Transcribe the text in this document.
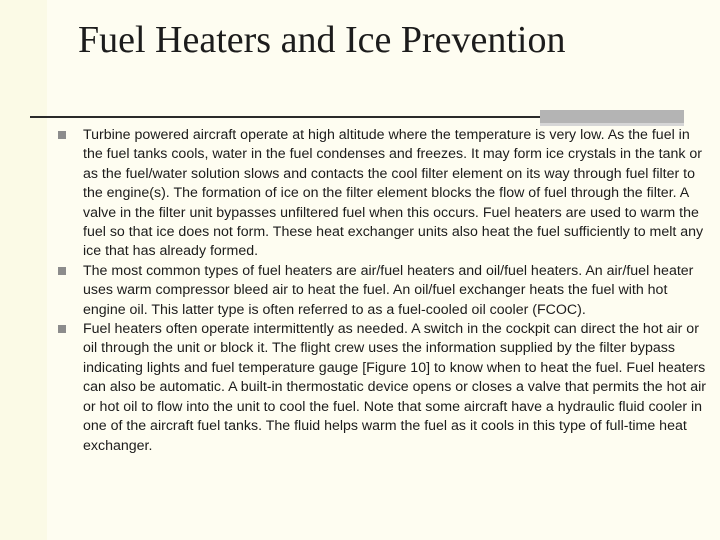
Fuel Heaters and Ice Prevention
Turbine powered aircraft operate at high altitude where the temperature is very low. As the fuel in the fuel tanks cools, water in the fuel condenses and freezes. It may form ice crystals in the tank or as the fuel/water solution slows and contacts the cool filter element on its way through fuel filter to the engine(s). The formation of ice on the filter element blocks the flow of fuel through the filter. A valve in the filter unit bypasses unfiltered fuel when this occurs. Fuel heaters are used to warm the fuel so that ice does not form. These heat exchanger units also heat the fuel sufficiently to melt any ice that has already formed.
The most common types of fuel heaters are air/fuel heaters and oil/fuel heaters. An air/fuel heater uses warm compressor bleed air to heat the fuel. An oil/fuel exchanger heats the fuel with hot engine oil. This latter type is often referred to as a fuel-cooled oil cooler (FCOC).
Fuel heaters often operate intermittently as needed. A switch in the cockpit can direct the hot air or oil through the unit or block it. The flight crew uses the information supplied by the filter bypass indicating lights and fuel temperature gauge [Figure 10] to know when to heat the fuel. Fuel heaters can also be automatic. A built-in thermostatic device opens or closes a valve that permits the hot air or hot oil to flow into the unit to cool the fuel. Note that some aircraft have a hydraulic fluid cooler in one of the aircraft fuel tanks. The fluid helps warm the fuel as it cools in this type of full-time heat exchanger.
